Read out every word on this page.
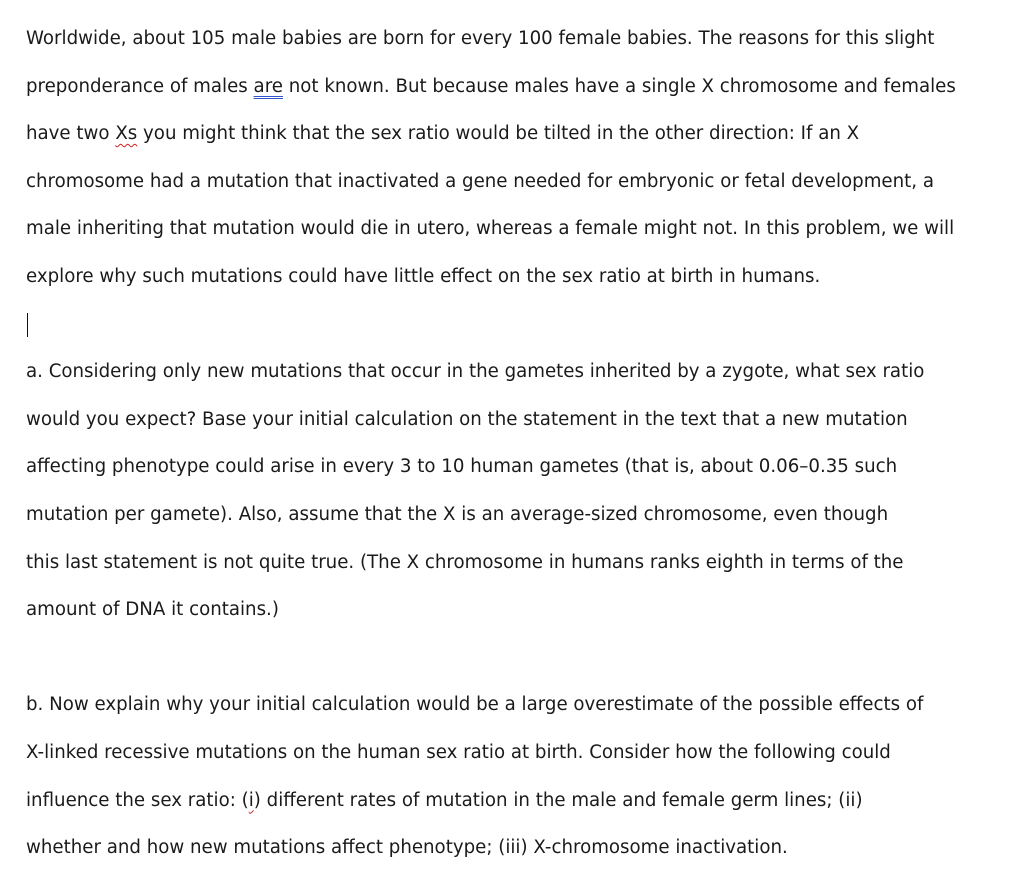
Worldwide, about 105 male babies are born for every 100 female babies. The reasons for this slight
preponderance of males are not known. But because males have a single X chromosome and females
have two Xs you might think that the sex ratio would be tilted in the other direction: If an X
chromosome had a mutation that inactivated a gene needed for embryonic or fetal development, a
male inheriting that mutation would die in utero, whereas a female might not. In this problem, we will
explore why such mutations could have little effect on the sex ratio at birth in humans.
a. Considering only new mutations that occur in the gametes inherited by a zygote, what sex ratio
would you expect? Base your initial calculation on the statement in the text that a new mutation
affecting phenotype could arise in every 3 to 10 human gametes (that is, about 0.06–0.35 such
mutation per gamete). Also, assume that the X is an average-sized chromosome, even though
this last statement is not quite true. (The X chromosome in humans ranks eighth in terms of the
amount of DNA it contains.)
b. Now explain why your initial calculation would be a large overestimate of the possible effects of
X-linked recessive mutations on the human sex ratio at birth. Consider how the following could
influence the sex ratio: (i) different rates of mutation in the male and female germ lines; (ii)
whether and how new mutations affect phenotype; (iii) X-chromosome inactivation.
